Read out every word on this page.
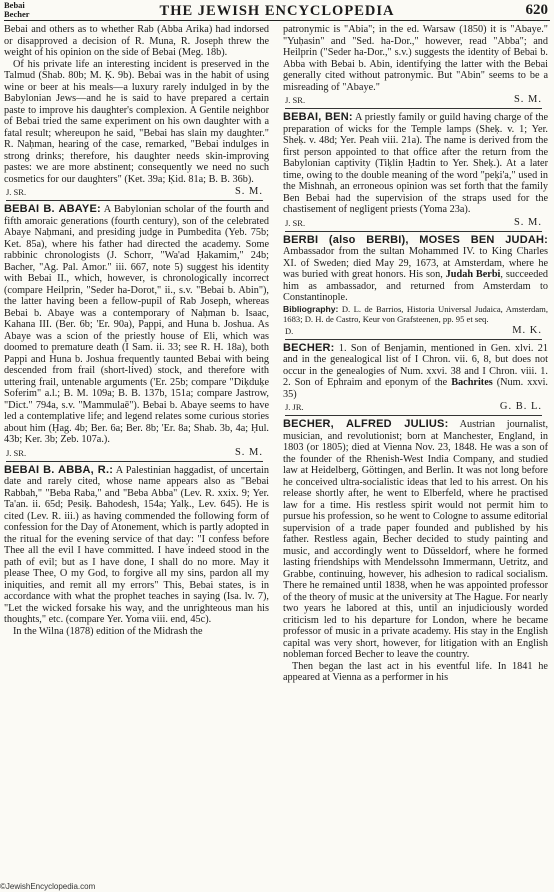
Bebai
Becher	THE JEWISH ENCYCLOPEDIA	620

Bebai and others as to whether Rab (Abba Arika) had indorsed or disapproved a decision of R. Muna, R. Joseph threw the weight of his opinion on the side of Bebai (Meg. 18b).

Of his private life an interesting incident is preserved in the Talmud (Shab. 80b; M. Ḳ. 9b). Bebai was in the habit of using wine or beer at his meals—a luxury rarely indulged in by the Babylonian Jews—and he is said to have prepared a certain paste to improve his daughter's complexion. A Gentile neighbor of Bebai tried the same experiment on his own daughter with a fatal result; whereupon he said, "Bebai has slain my daughter." R. Naḥman, hearing of the case, remarked, "Bebai indulges in strong drinks; therefore, his daughter needs skin-improving pastes: we are more abstinent; consequently we need no such cosmetics for our daughters" (Ket. 39a; Ḳid. 81a; B. B. 36b).

J. SR.	S. M.

BEBAI B. ABAYE: A Babylonian scholar of the fourth and fifth amoraic generations (fourth century), son of the celebrated Abaye Naḥmani, and presiding judge in Pumbedita (Yeb. 75b; Ket. 85a), where his father had directed the academy. Some rabbinic chronologists (J. Schorr, "Wa'ad Ḥakamim," 24b; Bacher, "Ag. Pal. Amor." iii. 667, note 5) suggest his identity with Bebai II., which, however, is chronologically incorrect (compare Heilprin, "Seder ha-Dorot," ii., s.v. "Bebai b. Abin"), the latter having been a fellow-pupil of Rab Joseph, whereas Bebai b. Abaye was a contemporary of Naḥman b. Isaac, Kahana III. (Ber. 6b; 'Er. 90a), Pappi, and Huna b. Joshua. As Abaye was a scion of the priestly house of Eli, which was doomed to premature death (I Sam. ii. 33; see R. H. 18a), both Pappi and Huna b. Joshua frequently taunted Bebai with being descended from frail (short-lived) stock, and therefore with uttering frail, untenable arguments ('Er. 25b; compare "Diḳduḳe Soferim" a.l.; B. M. 109a; B. B. 137b, 151a; compare Jastrow, "Dict." 794a, s.v. "Mammulaē"). Bebai b. Abaye seems to have led a contemplative life; and legend relates some curious stories about him (Ḥag. 4b; Ber. 6a; Ber. 8b; 'Er. 8a; Shab. 3b, 4a; Ḥul. 43b; Ker. 3b; Zeb. 107a.).

J. SR.	S. M.

BEBAI B. ABBA, R.: A Palestinian haggadist, of uncertain date and rarely cited, whose name appears also as "Bebai Rabbah," "Beba Raba," and "Beba Abba" (Lev. R. xxix. 9; Yer. Ta'an. ii. 65d; Pesiḳ. Bahodesh, 154a; Yalḳ., Lev. 645). He is cited (Lev. R. iii.) as having commended the following form of confession for the Day of Atonement, which is partly adopted in the ritual for the evening service of that day: "I confess before Thee all the evil I have committed. I have indeed stood in the path of evil; but as I have done, I shall do no more. May it please Thee, O my God, to forgive all my sins, pardon all my iniquities, and remit all my errors" This, Bebai states, is in accordance with what the prophet teaches in saying (Isa. lv. 7), "Let the wicked forsake his way, and the unrighteous man his thoughts," etc. (compare Yer. Yoma viii. end, 45c).

In the Wilna (1878) edition of the Midrash the

patronymic is "Abia"; in the ed. Warsaw (1850) it is "Abaye." "Yuḥasin" and "Sed. ha-Dor.," however, read "Abba"; and Heilprin ("Seder ha-Dor.," s.v.) suggests the identity of Bebai b. Abba with Bebai b. Abin, identifying the latter with the Bebai generally cited without patronymic. But "Abin" seems to be a misreading of "Abaye."

J. SR.	S. M.

BEBAI, BEN: A priestly family or guild having charge of the preparation of wicks for the Temple lamps (Sheḳ. v. 1; Yer. Sheḳ. v. 48d; Yer. Peah viii. 21a). The name is derived from the first person appointed to that office after the return from the Babylonian captivity (Tiḳlin Ḥadtin to Yer. Sheḳ.). At a later time, owing to the double meaning of the word "peḳi'a," used in the Mishnah, an erroneous opinion was set forth that the family Ben Bebai had the supervision of the straps used for the chastisement of negligent priests (Yoma 23a).

J. SR.	S. M.

BERBI (also BERBI), MOSES BEN JUDAH: Ambassador from the sultan Mohammed IV. to King Charles XI. of Sweden; died May 29, 1673, at Amsterdam, where he was buried with great honors. His son, Judah Berbi, succeeded him as ambassador, and returned from Amsterdam to Constantinople.

Bibliography: D. L. de Barrios, Historia Universal Judaica, Amsterdam, 1683; D. H. de Castro, Keur von Grafsteenen, pp. 95 et seq.

D.	M. K.

BECHER: 1. Son of Benjamin, mentioned in Gen. xlvi. 21 and in the genealogical list of I Chron. vii. 6, 8, but does not occur in the genealogies of Num. xxvi. 38 and I Chron. viii. 1. 2. Son of Ephraim and eponym of the Bachrites (Num. xxvi. 35)

J. JR.	G. B. L.

BECHER, ALFRED JULIUS: Austrian journalist, musician, and revolutionist; born at Manchester, England, in 1803 (or 1805); died at Vienna Nov. 23, 1848. He was a son of the founder of the Rhenish-West India Company, and studied law at Heidelberg, Göttingen, and Berlin. It was not long before he conceived ultra-socialistic ideas that led to his arrest. On his release shortly after, he went to Elberfeld, where he practised law for a time. His restless spirit would not permit him to pursue his profession, so he went to Cologne to assume editorial supervision of a trade paper founded and published by his father. Restless again, Becher decided to study painting and music, and accordingly went to Düsseldorf, where he formed lasting friendships with Mendelssohn Immermann, Uetritz, and Grabbe, continuing, however, his adhesion to radical socialism. There he remained until 1838, when he was appointed professor of the theory of music at the university at The Hague. For nearly two years he labored at this, until an injudiciously worded criticism led to his departure for London, where he became professor of music in a private academy. His stay in the English capital was very short, however, for litigation with an English nobleman forced Becher to leave the country.

Then began the last act in his eventful life. In 1841 he appeared at Vienna as a performer in his

©JewishEncyclopedia.com
